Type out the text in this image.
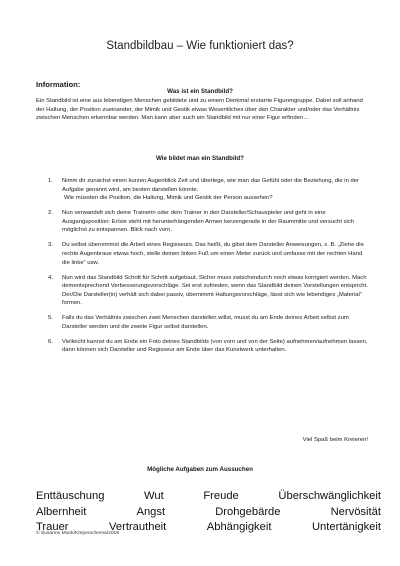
Standbildbau – Wie funktioniert das?
Information:
Was ist ein Standbild?
Ein Standbild ist eine aus lebendigen Menschen gebildete und zu einem Denkmal erstarrte Figurengruppe. Dabei soll anhand der Haltung, der Position zueinander, der Mimik und Gestik etwas Wesentliches über den Charakter und/oder das Verhältnis zwischen Menschen erkennbar werden. Man kann aber auch ein Standbild mit nur einer Figur erfinden…
Wie bildet man ein Standbild?
1. Nimm dir zunächst einen kurzen Augenblick Zeit und überlege, wie man das Gefühl oder die Beziehung, die in der Aufgabe genannt wird, am besten darstellen könnte.
Wie müssten die Position, die Haltung, Mimik und Gestik der Person aussehen?
2. Nun verwandelt sich deine Trainerin oder dein Trainer in den Darsteller/Schauspieler und geht in eine Ausgangsposition: Er/sie steht mit herunterhängenden Armen kerzengerade in der Raummitte und versucht sich möglichst zu entspannen. Blick nach vorn.
3. Du selbst übernimmst die Arbeit eines Regisseurs. Das heißt, du gibst dem Darsteller Anweisungen, z. B. „Ziehe die rechte Augenbraue etwas hoch, stelle deinen linken Fuß um einen Meter zurück und umfasse mit der rechten Hand die linke“ usw.
4. Nun wird das Standbild Schritt für Schritt aufgebaut. Sicher muss zwischendurch noch etwas korrigiert werden. Mach dementsprechend Verbesserungsvorschläge. Sei erst zufrieden, wenn das Standbild deinen Vorstellungen entspricht. Der/Die Darsteller(in) verhält sich dabei passiv, übernimmt Haltungsvorschläge, lässt sich wie lebendiges „Material“ formen.
5. Falls du das Verhältnis zwischen zwei Menschen darstellen willst, musst du am Ende deines Arbeit selbst zum Darsteller werden und die zweite Figur selbst darstellen.
6. Vielleicht kannst du am Ende ein Foto deines Standbilds (von vorn und von der Seite) aufnehmen/aufnehmen lassen, dann können sich Darsteller und Regisseur am Ende über das Kunstwerk unterhalten.
Viel Spaß beim Kreieren!
Mögliche Aufgaben zum Aussuchen
Enttäuschung	Wut	Freude	Überschwänglichkeit
Albernheit	Angst	Drohgebärde	Nervösität
Trauer	Vertrautheit	Abhängigkeit	Untertänigkeit
© Susanne Munk/Körperschema/2019
